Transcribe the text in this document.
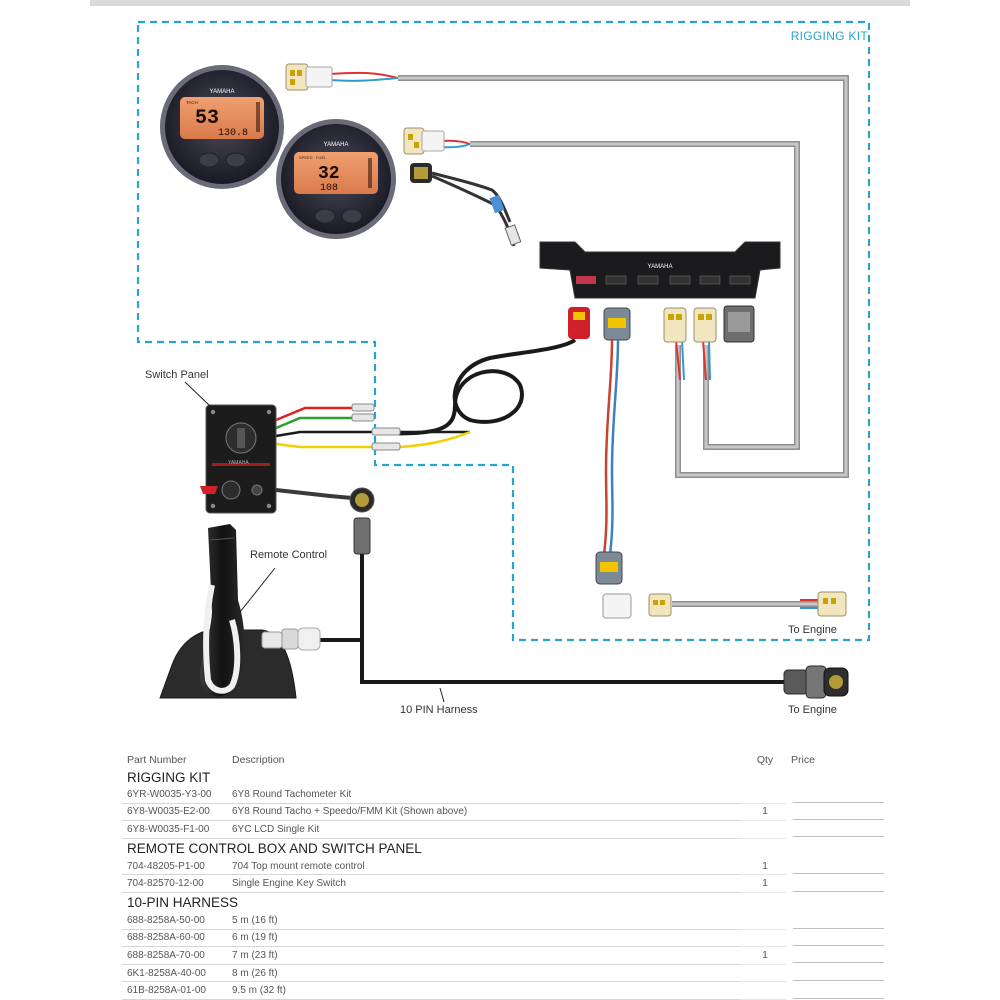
YAMAHA
TACH
53
130.8
YAMAHA
SPEED · FUEL
32
108
YAMAHA
YAMAHA
RIGGING KIT
Switch Panel
Remote Control
To Engine
To Engine
10 PIN Harness
Part Number	Description	Qty	Price
RIGGING KIT			
6YR-W0035-Y3-00	6Y8 Round Tachometer Kit		

6Y8-W0035-E2-00	6Y8 Round Tacho + Speedo/FMM Kit (Shown above)	1	

6Y8-W0035-F1-00	6YC LCD Single Kit		

REMOTE CONTROL BOX AND SWITCH PANEL			
704-48205-P1-00	704 Top mount remote control	1	

704-82570-12-00	Single Engine Key Switch	1	

10-PIN HARNESS			
688-8258A-50-00	5 m (16 ft)		

688-8258A-60-00	6 m (19 ft)		

688-8258A-70-00	7 m (23 ft)	1	

6K1-8258A-40-00	8 m (26 ft)		

61B-8258A-01-00	9.5 m (32 ft)		
